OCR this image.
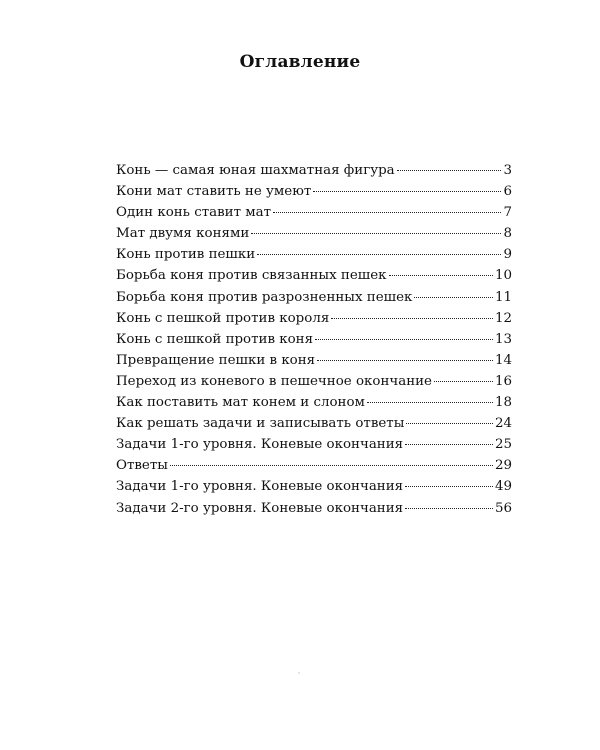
Оглавление
Конь — самая юная шахматная фигура	3
Кони мат ставить не умеют	6
Один конь ставит мат	7
Мат двумя конями	8
Конь против пешки	9
Борьба коня против связанных пешек	10
Борьба коня против разрозненных пешек	11
Конь с пешкой против короля	12
Конь с пешкой против коня	13
Превращение пешки в коня	14
Переход из коневого в пешечное окончание	16
Как поставить мат конем и слоном	18
Как решать задачи и записывать ответы	24
Задачи 1-го уровня. Коневые окончания	25
Ответы	29
Задачи 1-го уровня. Коневые окончания	49
Задачи 2-го уровня. Коневые окончания	56
